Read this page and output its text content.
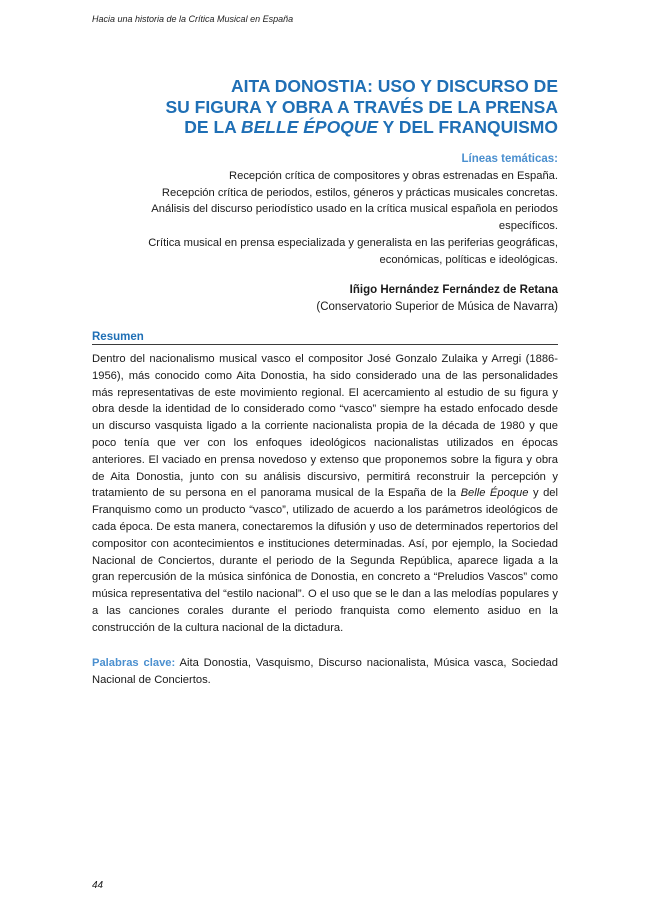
Hacia una historia de la Crítica Musical en España
AITA DONOSTIA: USO Y DISCURSO DE
SU FIGURA Y OBRA A TRAVÉS DE LA PRENSA
DE LA BELLE ÉPOQUE Y DEL FRANQUISMO
Líneas temáticas:
Recepción crítica de compositores y obras estrenadas en España.
Recepción crítica de periodos, estilos, géneros y prácticas musicales concretas.
Análisis del discurso periodístico usado en la crítica musical española en periodos
específicos.
Crítica musical en prensa especializada y generalista en las periferias geográficas,
económicas, políticas e ideológicas.
Iñigo Hernández Fernández de Retana
(Conservatorio Superior de Música de Navarra)
Resumen
Dentro del nacionalismo musical vasco el compositor José Gonzalo Zulaika y Arregi (1886-1956), más conocido como Aita Donostia, ha sido considerado una de las personalidades más representativas de este movimiento regional. El acercamiento al estudio de su figura y obra desde la identidad de lo considerado como “vasco” siempre ha estado enfocado desde un discurso vasquista ligado a la corriente nacionalista propia de la década de 1980 y que poco tenía que ver con los enfoques ideológicos nacionalistas utilizados en épocas anteriores. El vaciado en prensa novedoso y extenso que proponemos sobre la figura y obra de Aita Donostia, junto con su análisis discursivo, permitirá reconstruir la percepción y tratamiento de su persona en el panorama musical de la España de la Belle Époque y del Franquismo como un producto “vasco”, utilizado de acuerdo a los parámetros ideológicos de cada época. De esta manera, conectaremos la difusión y uso de determinados repertorios del compositor con acontecimientos e instituciones determinadas. Así, por ejemplo, la Sociedad Nacional de Conciertos, durante el periodo de la Segunda República, aparece ligada a la gran repercusión de la música sinfónica de Donostia, en concreto a “Preludios Vascos” como música representativa del “estilo nacional”. O el uso que se le dan a las melodías populares y a las canciones corales durante el periodo franquista como elemento asiduo en la construcción de la cultura nacional de la dictadura.
Palabras clave: Aita Donostia, Vasquismo, Discurso nacionalista, Música vasca, Sociedad Nacional de Conciertos.
44
